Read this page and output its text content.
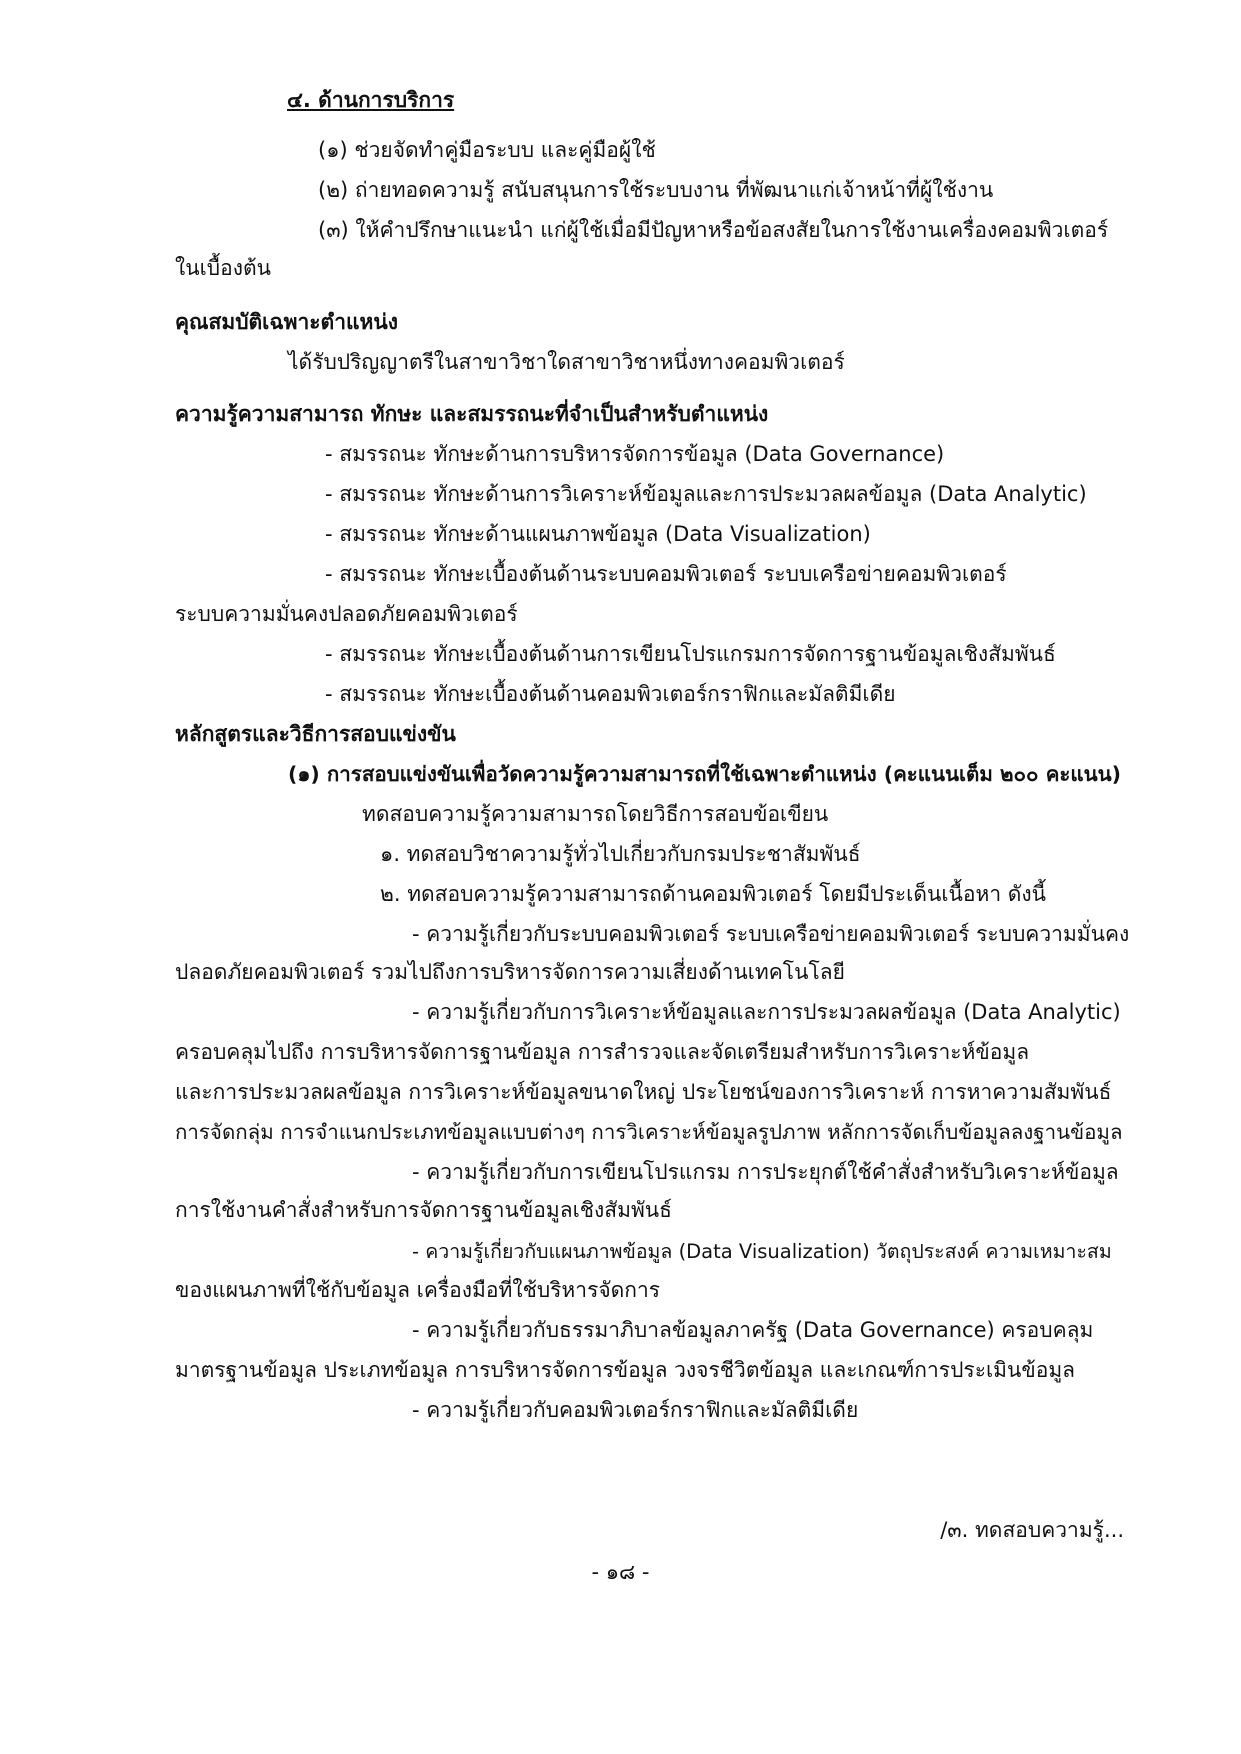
๔. ด้านการบริการ
(๑) ช่วยจัดทำคู่มือระบบ และคู่มือผู้ใช้
(๒) ถ่ายทอดความรู้ สนับสนุนการใช้ระบบงาน ที่พัฒนาแก่เจ้าหน้าที่ผู้ใช้งาน
(๓) ให้คำปรึกษาแนะนำ แก่ผู้ใช้เมื่อมีปัญหาหรือข้อสงสัยในการใช้งานเครื่องคอมพิวเตอร์
ในเบื้องต้น
คุณสมบัติเฉพาะตำแหน่ง
ได้รับปริญญาตรีในสาขาวิชาใดสาขาวิชาหนึ่งทางคอมพิวเตอร์
ความรู้ความสามารถ ทักษะ และสมรรถนะที่จำเป็นสำหรับตำแหน่ง
- สมรรถนะ ทักษะด้านการบริหารจัดการข้อมูล (Data Governance)
- สมรรถนะ ทักษะด้านการวิเคราะห์ข้อมูลและการประมวลผลข้อมูล (Data Analytic)
- สมรรถนะ ทักษะด้านแผนภาพข้อมูล (Data Visualization)
- สมรรถนะ ทักษะเบื้องต้นด้านระบบคอมพิวเตอร์ ระบบเครือข่ายคอมพิวเตอร์
ระบบความมั่นคงปลอดภัยคอมพิวเตอร์
- สมรรถนะ ทักษะเบื้องต้นด้านการเขียนโปรแกรมการจัดการฐานข้อมูลเชิงสัมพันธ์
- สมรรถนะ ทักษะเบื้องต้นด้านคอมพิวเตอร์กราฟิกและมัลติมีเดีย
หลักสูตรและวิธีการสอบแข่งขัน
(๑) การสอบแข่งขันเพื่อวัดความรู้ความสามารถที่ใช้เฉพาะตำแหน่ง (คะแนนเต็ม ๒๐๐ คะแนน)
ทดสอบความรู้ความสามารถโดยวิธีการสอบข้อเขียน
๑. ทดสอบวิชาความรู้ทั่วไปเกี่ยวกับกรมประชาสัมพันธ์
๒. ทดสอบความรู้ความสามารถด้านคอมพิวเตอร์ โดยมีประเด็นเนื้อหา ดังนี้
- ความรู้เกี่ยวกับระบบคอมพิวเตอร์ ระบบเครือข่ายคอมพิวเตอร์ ระบบความมั่นคง
ปลอดภัยคอมพิวเตอร์ รวมไปถึงการบริหารจัดการความเสี่ยงด้านเทคโนโลยี
- ความรู้เกี่ยวกับการวิเคราะห์ข้อมูลและการประมวลผลข้อมูล (Data Analytic)
ครอบคลุมไปถึง การบริหารจัดการฐานข้อมูล การสำรวจและจัดเตรียมสำหรับการวิเคราะห์ข้อมูล
และการประมวลผลข้อมูล การวิเคราะห์ข้อมูลขนาดใหญ่ ประโยชน์ของการวิเคราะห์ การหาความสัมพันธ์
การจัดกลุ่ม การจำแนกประเภทข้อมูลแบบต่างๆ การวิเคราะห์ข้อมูลรูปภาพ หลักการจัดเก็บข้อมูลลงฐานข้อมูล
- ความรู้เกี่ยวกับการเขียนโปรแกรม การประยุกต์ใช้คำสั่งสำหรับวิเคราะห์ข้อมูล
การใช้งานคำสั่งสำหรับการจัดการฐานข้อมูลเชิงสัมพันธ์
- ความรู้เกี่ยวกับแผนภาพข้อมูล (Data Visualization) วัตถุประสงค์ ความเหมาะสม
ของแผนภาพที่ใช้กับข้อมูล เครื่องมือที่ใช้บริหารจัดการ
- ความรู้เกี่ยวกับธรรมาภิบาลข้อมูลภาครัฐ (Data Governance) ครอบคลุม
มาตรฐานข้อมูล ประเภทข้อมูล การบริหารจัดการข้อมูล วงจรชีวิตข้อมูล และเกณฑ์การประเมินข้อมูล
- ความรู้เกี่ยวกับคอมพิวเตอร์กราฟิกและมัลติมีเดีย
/๓. ทดสอบความรู้...
- ๑๘ -
